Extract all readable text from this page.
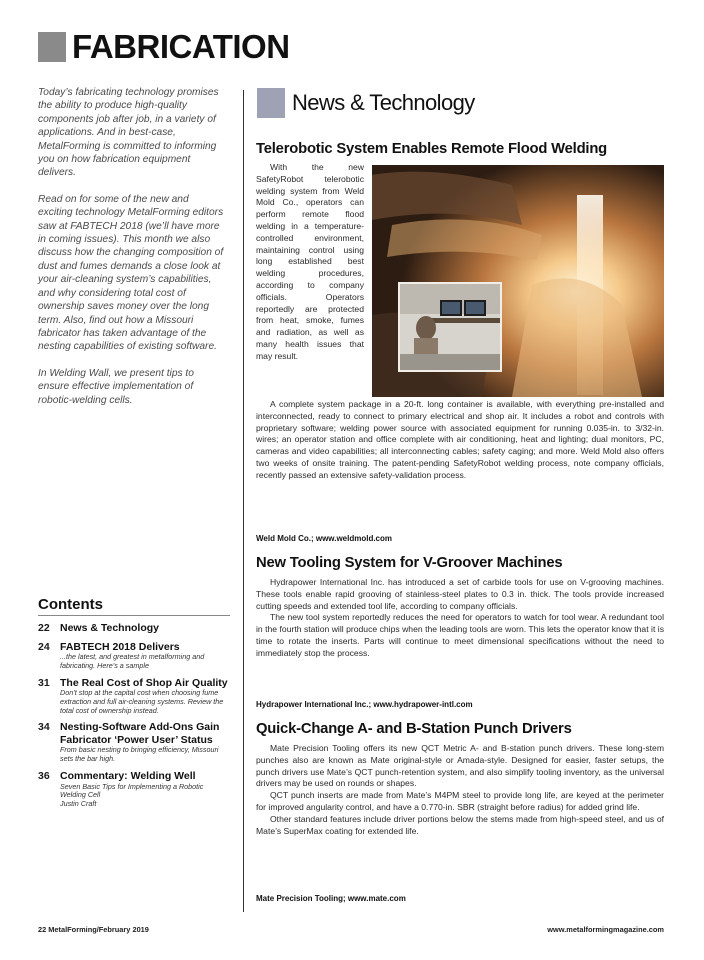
FABRICATION

Today’s fabricating technology promises the ability to produce high-quality components job after job, in a variety of applications. And in best-case, MetalForming is committed to informing you on how fabrication equipment delivers.

Read on for some of the new and exciting technology MetalForming editors saw at FABTECH 2018 (we’ll have more in coming issues). This month we also discuss how the changing composition of dust and fumes demands a close look at your air-cleaning system’s capabilities, and why considering total cost of ownership saves money over the long term. Also, find out how a Missouri fabricator has taken advantage of the nesting capabilities of existing software.

In Welding Wall, we present tips to ensure effective implementation of robotic-welding cells.

Contents
22 News & Technology
24 FABTECH 2018 Delivers
...the latest, and greatest in metalforming and fabricating. Here’s a sample
31 The Real Cost of Shop Air Quality
Don’t stop at the capital cost when choosing fume extraction and full air-cleaning systems. Review the total cost of ownership instead.
34 Nesting-Software Add-Ons Gain Fabricator ‘Power User’ Status
From basic nesting to bringing efficiency, Missouri sets the bar high.
36 Commentary: Welding Well
Seven Basic Tips for Implementing a Robotic Welding Cell
Justin Craft
News & Technology
Telerobotic System Enables Remote Flood Welding

With the new SafetyRobot telerobotic welding system from Weld Mold Co., operators can perform remote flood welding in a temperature-controlled environment, maintaining control using long established best welding procedures, according to company officials. Operators reportedly are protected from heat, smoke, fumes and radiation, as well as many health issues that may result.

A complete system package in a 20-ft. long container is available, with everything pre-installed and interconnected, ready to connect to primary electrical and shop air. It includes a robot and controls with proprietary software; welding power source with associated equipment for running 0.035-in. to 3/32-in. wires; an operator station and office complete with air conditioning, heat and lighting; dual monitors, PC, cameras and video capabilities; all interconnecting cables; safety caging; and more. Weld Mold also offers two weeks of onsite training. The patent-pending SafetyRobot welding process, note company officials, recently passed an extensive safety-validation process.

Weld Mold Co.; www.weldmold.com
New Tooling System for V-Groover Machines

Hydrapower International Inc. has introduced a set of carbide tools for use on V-grooving machines. These tools enable rapid grooving of stainless-steel plates to 0.3 in. thick. The tools provide increased cutting speeds and extended tool life, according to company officials.

The new tool system reportedly reduces the need for operators to watch for tool wear. A redundant tool in the fourth station will produce chips when the leading tools are worn. This lets the operator know that it is time to rotate the inserts. Parts will continue to meet dimensional specifications without the need to immediately stop the process.

Hydrapower International Inc.; www.hydrapower-intl.com
Quick-Change A- and B-Station Punch Drivers

Mate Precision Tooling offers its new QCT Metric A- and B-station punch drivers. These long-stem punches also are known as Mate original-style or Amada-style. Designed for easier, faster setups, the punch drivers use Mate’s QCT punch-retention system, and also simplify tooling inventory, as the universal drivers may be used on rounds or shapes.

QCT punch inserts are made from Mate’s M4PM steel to provide long life, are keyed at the perimeter for improved angularity control, and have a 0.770-in. SBR (straight before radius) for added grind life.

Other standard features include driver portions below the stems made from high-speed steel, and us of Mate’s SuperMax coating for extended life.

Mate Precision Tooling; www.mate.com
22 MetalForming/February 2019	www.metalformingmagazine.com
